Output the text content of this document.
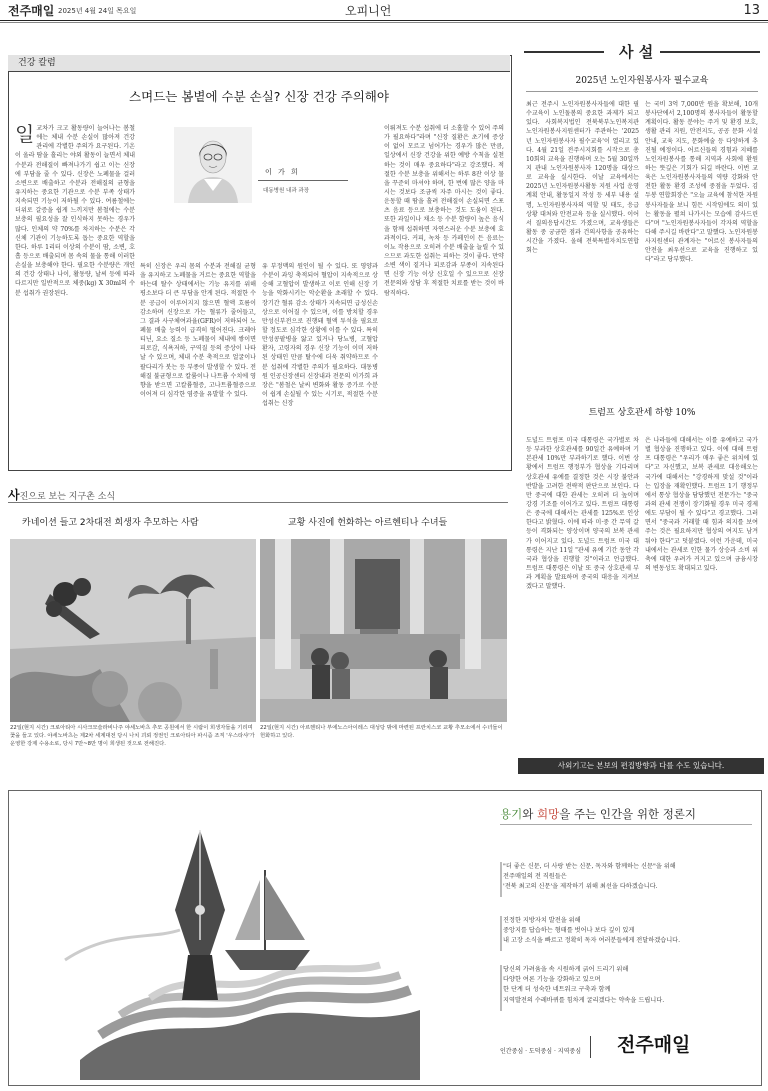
전주매일 2025년 4월 24일 목요일	오피니언	13
건강 칼럼
스며드는 봄볕에 수분 손실? 신장 건강 주의해야
일 교차가 크고 활동량이 늘어나는 봄철에는 체내 수분 손실이 많아져 건강 관리에 각별한 주의가 요구된다. 기온이 올라 땀을 흘리는 야외 활동이 늘면서 체내 수분과 전해질이 빠져나가기 쉽고 이는 신장에 부담을 줄 수 있다. 신장은 노폐물을 걸러 소변으로 배출하고 수분과 전해질의 균형을 유지하는 중요한 기관으로 수분 부족 상태가 지속되면 기능이 저하될 수 있다. 여름철에는 더위로 갈증을 쉽게 느끼지만 봄철에는 수분 보충의 필요성을 잘 인식하지 못하는 경우가 많다. 인체의 약 70%를 차지하는 수분은 각 신체 기관이 기능하도록 돕는 중요한 역할을 한다. 하루 1리터 이상의 수분이 땀, 소변, 호흡 등으로 배출되며 몸 속의 물을 통해 이러한 손실을 보충해야 한다. 필요한 수분량은 개인의 건강 상태나 나이, 활동량, 날씨 등에 따라 다르지만 일반적으로 체중(kg) X 30ml의 수분 섭취가 권장된다.
이 가 희
대동병원 내과 과장
특히 신장은 우리 몸의 수분과 전해질 균형을 유지하고 노폐물을 거르는 중요한 역할을 하는데 탈수 상태에서는 기능 유지를 위해 평소보다 더 큰 부담을 안게 된다. 적절한 수분 공급이 이루어지지 않으면 혈액 흐름이 감소하며 신장으로 가는 혈류가 줄어들고, 그 결과 사구체여과율(GFR)이 저하되어 노폐물 배출 능력이 급격히 떨어진다. 크레아티닌, 요소 질소 등 노폐물이 체내에 쌓이면 피로감, 식욕저하, 구역질 등의 증상이 나타날 수 있으며, 체내 수분 축적으로 얼굴이나 팔다리가 붓는 등 부종이 발생할 수 있다. 전해질 불균형으로 칼륨이나 나트륨 수치에 영향을 받으면 고칼륨혈증, 고나트륨혈증으로 이어져 더 심각한 염증을 유발할 수 있다.
유 부정맥의 원인이 될 수 있다. 또 영양과 수분이 과잉 축적되어 혈압이 지속적으로 상승해 고혈압이 발생하고 이로 인해 신장 기능을 악화시키는 악순환을 초래할 수 있다. 장기간 혈류 감소 상태가 지속되면 급성신손상으로 이어질 수 있으며, 이를 방치할 경우 만성신부전으로 진행돼 혈액 투석을 필요로 할 정도로 심각한 상황에 이를 수 있다. 특히 만성콩팥병을 앓고 있거나 당뇨병, 고혈압 환자, 고령자의 경우 신장 기능이 이미 저하된 상태인 만큼 탈수에 더욱 취약하므로 수분 섭취에 각별한 주의가 필요하다. 대동병원 인공신장센터 신장내과 전문의 이가희 과장은 "봄철은 날씨 변화와 활동 증가로 수분이 쉽게 손실될 수 있는 시기로, 적절한 수분 섭취는 신장
이뤄져도 수분 섭취에 더 소홀할 수 있어 주의가 필요하다"라며 "신장 질환은 초기에 증상이 없어 모르고 넘어가는 경우가 많은 만큼, 일상에서 신장 건강을 위한 예방 수칙을 실천하는 것이 매우 중요하다"라고 강조했다. 적절한 수분 보충을 위해서는 하루 8잔 이상 물을 꾸준히 마셔야 하며, 한 번에 많은 양을 마시는 것보다 조금씩 자주 마시는 것이 좋다. 운동할 때 땀을 흘려 전해질이 손실되면 스포츠 음료 등으로 보충하는 것도 도움이 된다. 또한 과일이나 채소 등 수분 함량이 높은 음식을 함께 섭취하면 자연스러운 수분 보충에 효과적이다. 커피, 녹차 등 카페인이 든 음료는 이뇨 작용으로 오히려 수분 배출을 늘릴 수 있으므로 과도한 섭취는 피하는 것이 좋다. 만약 소변 색이 짙거나 피로감과 부종이 지속된다면 신장 기능 이상 신호일 수 있으므로 신장 전문의와 상담 후 적절한 치료를 받는 것이 바람직하다.
사 설
2025년 노인자원봉사자 필수교육
최근 전주시 노인자원봉사자들에 대한 필수교육이 노인돌봄의 중요한 과제가 되고 있다. 사회복지법인 전북북부노인복지관 노인자원봉사지원센터가 주관하는 '2025년 노인자원봉사자 필수교육'이 열리고 있다. 4월 21일 전주시지회를 시작으로 총 10회의 교육을 진행하며 오는 5월 30일까지 관내 노인자원봉사자 120명을 대상으로 교육을 실시한다. 이날 교육에서는 2025년 노인자원봉사활동 지원 사업 운영 계획 안내, 활동일지 작성 등 세부 내용 설명, 노인자원봉사자의 역할 및 태도, 응급상황 대처와 안전교육 등을 실시했다. 이어서 질의응답시간도 가졌으며, 교육생들은 활동 중 궁금한 점과 건의사항을 공유하는 시간을 가졌다. 올해 전북특별자치도연합회는
는 국비 3억 7,000만 원을 확보해, 10개 봉사단에서 2,100명의 봉사자들이 활동할 계획이다. 활동 분야는 주거 및 환경 보호, 생활 관리 지원, 안전지도, 공공 문화 시설 안내, 교육 지도, 문화예술 등 다양하게 추진될 예정이다. 어르신들의 경험과 지혜를 노인자원봉사를 통해 지역과 사회에 환원하는 뜻깊은 기회가 되길 바란다. 이번 교육은 노인자원봉사자들의 역량 강화와 안전한 활동 환경 조성에 중점을 두었다. 김두봉 연합회장은 "오늘 교육에 참석한 자원봉사자들을 보니 힘든 시작임에도 의미 있는 활동을 펼쳐 나가시는 모습에 감사드린다"며 "노인자원봉사자들이 각자의 역할을 다해 주시길 바란다"고 말했다. 노인자원봉사지원센터 관계자는 "어르신 봉사자들의 안전을 최우선으로 교육을 진행하고 있다"라고 당부했다.
트럼프 상호관세 하향 10%
도널드 트럼프 미국 대통령은 국가별로 차등 부과한 상호관세를 90일간 유예하며 기본관세 10%만 부과하기로 했다. 이번 상황에서 트럼프 행정부가 협상을 기다리며 상호관세 유예를 결정한 것은 시장 불안과 반발을 고려한 전략적 판단으로 보인다. 다만 중국에 대한 관세는 오히려 더 높이며 강경 기조를 이어가고 있다. 트럼프 대통령은 중국에 대해서는 관세를 125%로 인상한다고 밝혔다. 이에 따라 미·중 간 무역 갈등이 격화되는 양상이며 양국의 보복 관세가 이어지고 있다. 도널드 트럼프 미국 대통령은 지난 11일 "관세 유예 기간 동안 각국과 협상을 진행할 것"이라고 언급했다. 트럼프 대통령은 이날 또 중국 상호관세 부과 계획을 발표하며 중국의 대응을 지켜보겠다고 말했다.
은 나라들에 대해서는 이를 유예하고 국가별 협상을 진행하고 있다. 이에 대해 트럼프 대통령은 "우리가 매우 좋은 위치에 있다"고 자신했고, 보복 관세로 대응해오는 국가에 대해서는 "강경하게 맞설 것"이라는 입장을 재확인했다. 트럼프 1기 행정부에서 통상 협상을 담당했던 전문가는 "중국과의 관세 전쟁이 장기화될 경우 미국 경제에도 부담이 될 수 있다"고 경고했다. 그러면서 "중국과 거래할 때 힘과 의지를 보여주는 것은 필요하지만 협상의 여지도 남겨둬야 한다"고 덧붙였다. 이런 가운데, 미국 내에서는 관세로 인한 물가 상승과 소비 위축에 대한 우려가 커지고 있으며 금융시장의 변동성도 확대되고 있다.
사외기고는 본보의 편집방향과 다를 수도 있습니다.
사진으로 보는 지구촌 소식
카네이션 들고 2차대전 희생자 추모하는 사람
22일(현지 시간) 크로아티아 시사크모슬라비나주 야세노바츠 추모 공원에서 한 시람이 희생자들을 기리며 꽃을 들고 있다. 야세노바츠는 제2차 세계대전 당시 나치 괴뢰 정권인 크로아티아 파시즘 조직 '우스타샤'가 운영한 강제 수용소로, 당시 7만~8만 명이 희생된 것으로 전해진다.
교황 사진에 헌화하는 아르헨티나 수녀들
22일(현지 시간) 아르헨티나 부에노스아이레스 대성당 밖에 마련된 프란치스코 교황 추모소에서 수녀들이 헌화하고 있다.
용기와 희망을 주는 인간을 위한 정론지

"더 좋은 신문, 더 사랑 받는 신문, 독자와 함께하는 신문"을 위해

전주매일의 전 직원들은

'전북 최고의 신문'을 제작하기 위해 최선을 다하겠습니다.

진정한 지방자치 발전을 위해

중앙지를 답습하는 형태를 벗어나 보다 깊이 있게

내 고장 소식을 빠르고 정확히 독자 여러분들에게 전달하겠습니다.

당신의 가려움을 속 시원하게 긁어 드리기 위해

다양한 여론 기능을 강화하고 있으며

한 단계 더 성숙한 네트워크 구축과 함께

지역발전의 수레바퀴를 힘차게 굴리겠다는 약속을 드립니다.

인간중심 · 도덕중심 · 지역중심 전주매일
